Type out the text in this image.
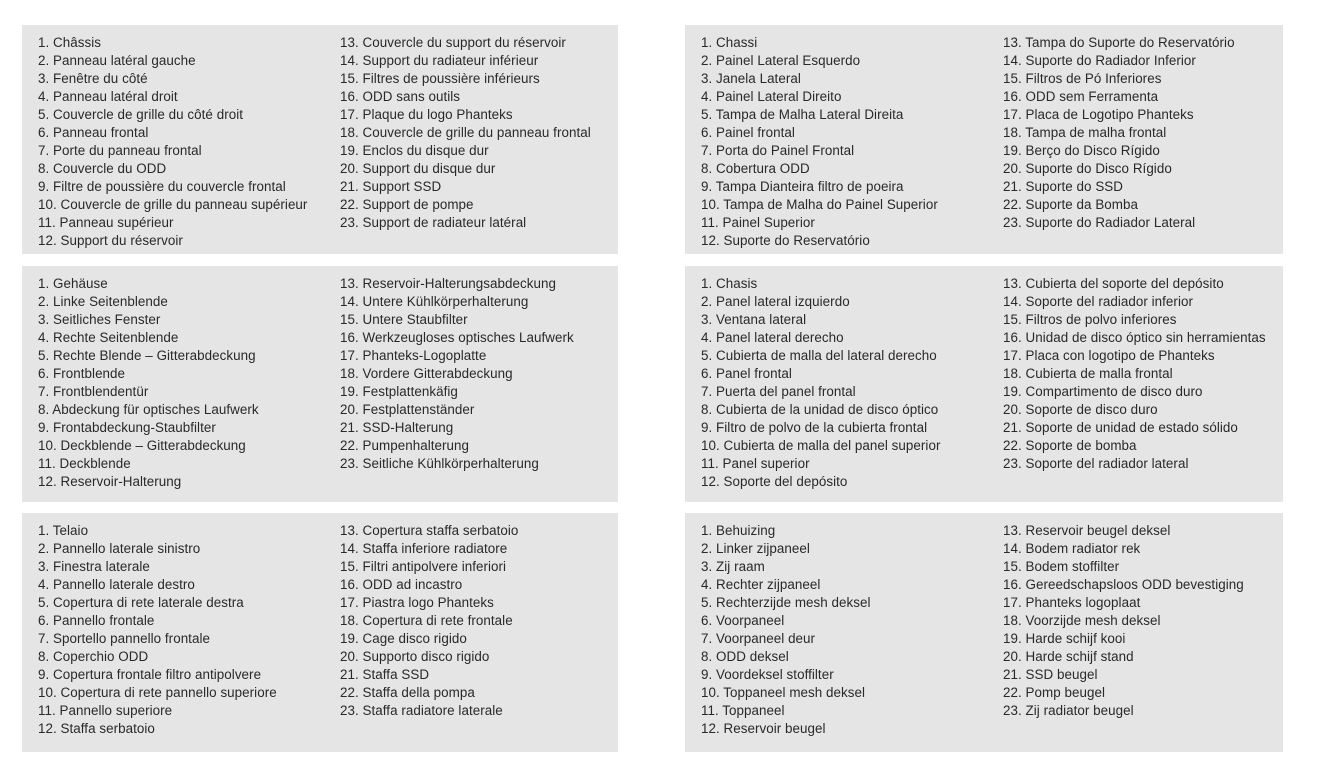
1. Châssis
2. Panneau latéral gauche
3. Fenêtre du côté
4. Panneau latéral droit
5. Couvercle de grille du côté droit
6. Panneau frontal
7. Porte du panneau frontal
8. Couvercle du ODD
9. Filtre de poussière du couvercle frontal
10. Couvercle de grille du panneau supérieur
11. Panneau supérieur
12. Support du réservoir
13. Couvercle du support du réservoir
14. Support du radiateur inférieur
15. Filtres de poussière inférieurs
16. ODD sans outils
17. Plaque du logo Phanteks
18. Couvercle de grille du panneau frontal
19. Enclos du disque dur
20. Support du disque dur
21. Support SSD
22. Support de pompe
23. Support de radiateur latéral
1. Chassi
2. Painel Lateral Esquerdo
3. Janela Lateral
4. Painel Lateral Direito
5. Tampa de Malha Lateral Direita
6. Painel frontal
7. Porta do Painel Frontal
8. Cobertura ODD
9. Tampa Dianteira filtro de poeira
10. Tampa de Malha do Painel Superior
11. Painel Superior
12. Suporte do Reservatório
13. Tampa do Suporte do Reservatório
14. Suporte do Radiador Inferior
15. Filtros de Pó Inferiores
16. ODD sem Ferramenta
17. Placa de Logotipo Phanteks
18. Tampa de malha frontal
19. Berço do Disco Rígido
20. Suporte do Disco Rígido
21. Suporte do SSD
22. Suporte da Bomba
23. Suporte do Radiador Lateral
1. Gehäuse
2. Linke Seitenblende
3. Seitliches Fenster
4. Rechte Seitenblende
5. Rechte Blende – Gitterabdeckung
6. Frontblende
7. Frontblendentür
8. Abdeckung für optisches Laufwerk
9. Frontabdeckung-Staubfilter
10. Deckblende – Gitterabdeckung
11. Deckblende
12. Reservoir-Halterung
13. Reservoir-Halterungsabdeckung
14. Untere Kühlkörperhalterung
15. Untere Staubfilter
16. Werkzeugloses optisches Laufwerk
17. Phanteks-Logoplatte
18. Vordere Gitterabdeckung
19. Festplattenkäfig
20. Festplattenständer
21. SSD-Halterung
22. Pumpenhalterung
23. Seitliche Kühlkörperhalterung
1. Chasis
2. Panel lateral izquierdo
3. Ventana lateral
4. Panel lateral derecho
5. Cubierta de malla del lateral derecho
6. Panel frontal
7. Puerta del panel frontal
8. Cubierta de la unidad de disco óptico
9. Filtro de polvo de la cubierta frontal
10. Cubierta de malla del panel superior
11. Panel superior
12. Soporte del depósito
13. Cubierta del soporte del depósito
14. Soporte del radiador inferior
15. Filtros de polvo inferiores
16. Unidad de disco óptico sin herramientas
17. Placa con logotipo de Phanteks
18. Cubierta de malla frontal
19. Compartimento de disco duro
20. Soporte de disco duro
21. Soporte de unidad de estado sólido
22. Soporte de bomba
23. Soporte del radiador lateral
1. Telaio
2. Pannello laterale sinistro
3. Finestra laterale
4. Pannello laterale destro
5. Copertura di rete laterale destra
6. Pannello frontale
7. Sportello pannello frontale
8. Coperchio ODD
9. Copertura frontale filtro antipolvere
10. Copertura di rete pannello superiore
11. Pannello superiore
12. Staffa serbatoio
13. Copertura staffa serbatoio
14. Staffa inferiore radiatore
15. Filtri antipolvere inferiori
16. ODD ad incastro
17. Piastra logo Phanteks
18. Copertura di rete frontale
19. Cage disco rigido
20. Supporto disco rigido
21. Staffa SSD
22. Staffa della pompa
23. Staffa radiatore laterale
1. Behuizing
2. Linker zijpaneel
3. Zij raam
4. Rechter zijpaneel
5. Rechterzijde mesh deksel
6. Voorpaneel
7. Voorpaneel deur
8. ODD deksel
9. Voordeksel stoffilter
10. Toppaneel mesh deksel
11. Toppaneel
12. Reservoir beugel
13. Reservoir beugel deksel
14. Bodem radiator rek
15. Bodem stoffilter
16. Gereedschapsloos ODD bevestiging
17. Phanteks logoplaat
18. Voorzijde mesh deksel
19. Harde schijf kooi
20. Harde schijf stand
21. SSD beugel
22. Pomp beugel
23. Zij radiator beugel
